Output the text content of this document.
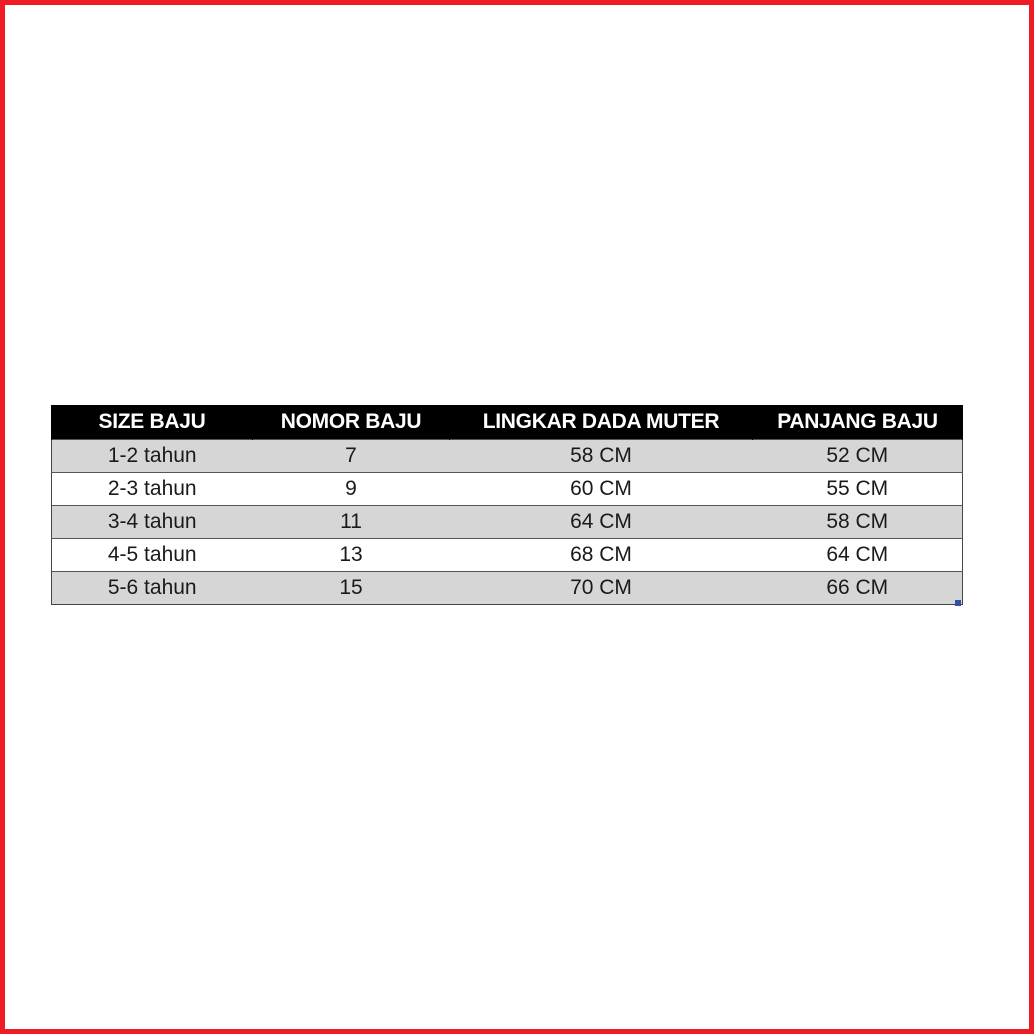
SIZE BAJU	NOMOR BAJU	LINGKAR DADA MUTER	PANJANG BAJU
1-2 tahun	7	58 CM	52 CM
2-3 tahun	9	60 CM	55 CM
3-4 tahun	11	64 CM	58 CM
4-5 tahun	13	68 CM	64 CM
5-6 tahun	15	70 CM	66 CM
